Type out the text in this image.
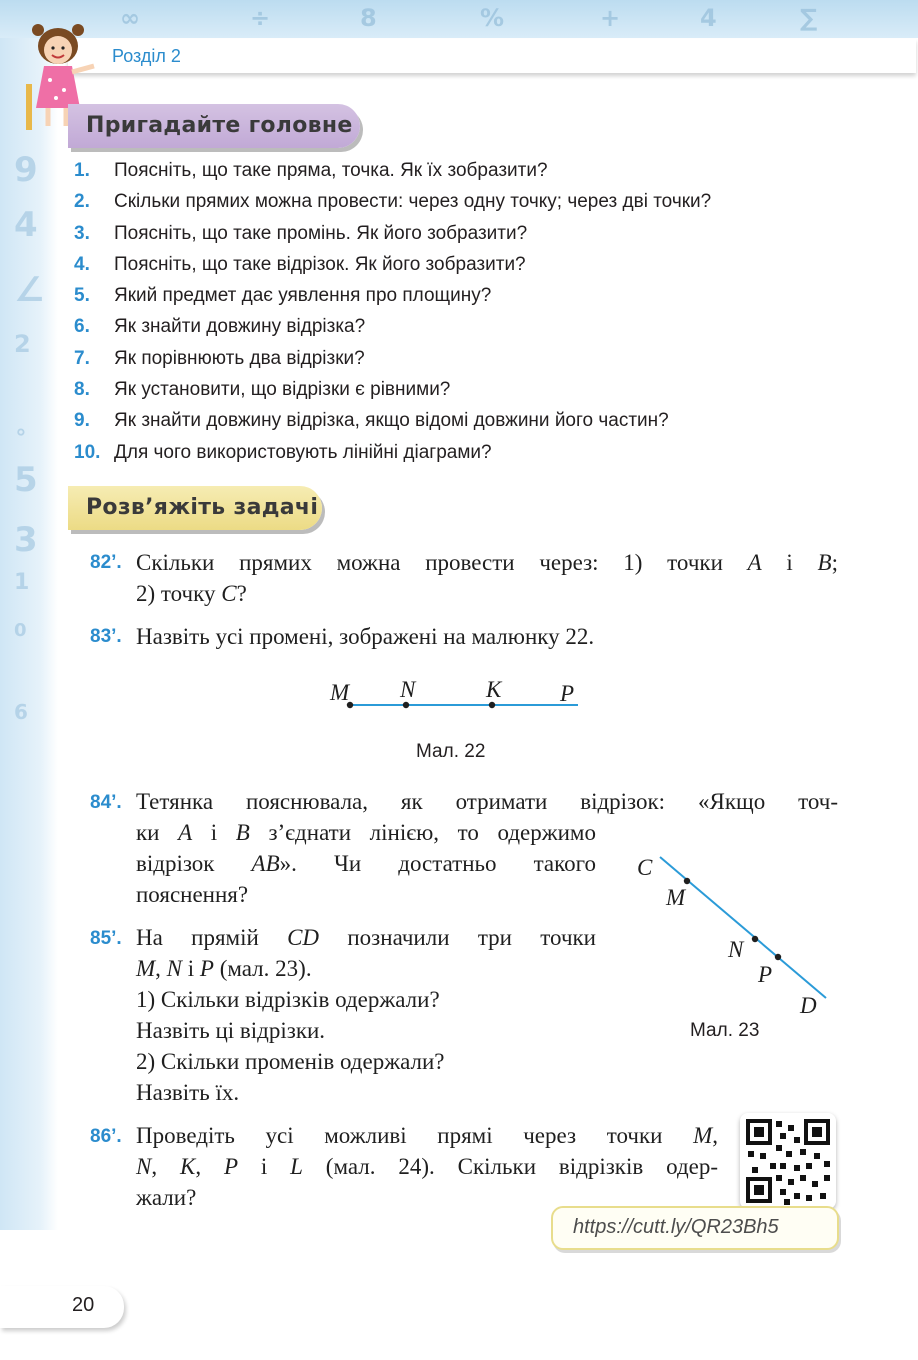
9
4
∠
2
∘
5
3
1
0
6
∞	÷	8	%	+	4	∑
Розділ 2
Пригадайте головне
1. Поясніть, що таке пряма, точка. Як їх зобразити?
2. Скільки прямих можна провести: через одну точку; через дві точки?
3. Поясніть, що таке промінь. Як його зобразити?
4. Поясніть, що таке відрізок. Як його зобразити?
5. Який предмет дає уявлення про площину?
6. Як знайти довжину відрізка?
7. Як порівнюють два відрізки?
8. Як установити, що відрізки є рівними?
9. Як знайти довжину відрізка, якщо відомі довжини його частин?
10. Для чого використовують лінійні діаграми?
Розв’яжіть задачі
82’. Скільки прямих можна провести через: 1) точки A і B;
2) точку C?
83’. Назвіть усі промені, зображені на малюнку 22.
M N	K	P
Мал. 22
84’. Тетянка пояснювала, як отримати відрізок: «Якщо точ-
ки A і B з’єднати лінією, то одержимо
відрізок AB». Чи достатньо такого
пояснення?
C
M
N
P
D
Мал. 23
85’. На прямій CD позначили три точки
M, N і P (мал. 23).
1) Скільки відрізків одержали?
Назвіть ці відрізки.
2) Скільки променів одержали?
Назвіть їх.
86’. Проведіть усі можливі прямі через точки M,
N, K, P і L (мал. 24). Скільки відрізків одер-
жали?
https://cutt.ly/QR23Bh5
20
